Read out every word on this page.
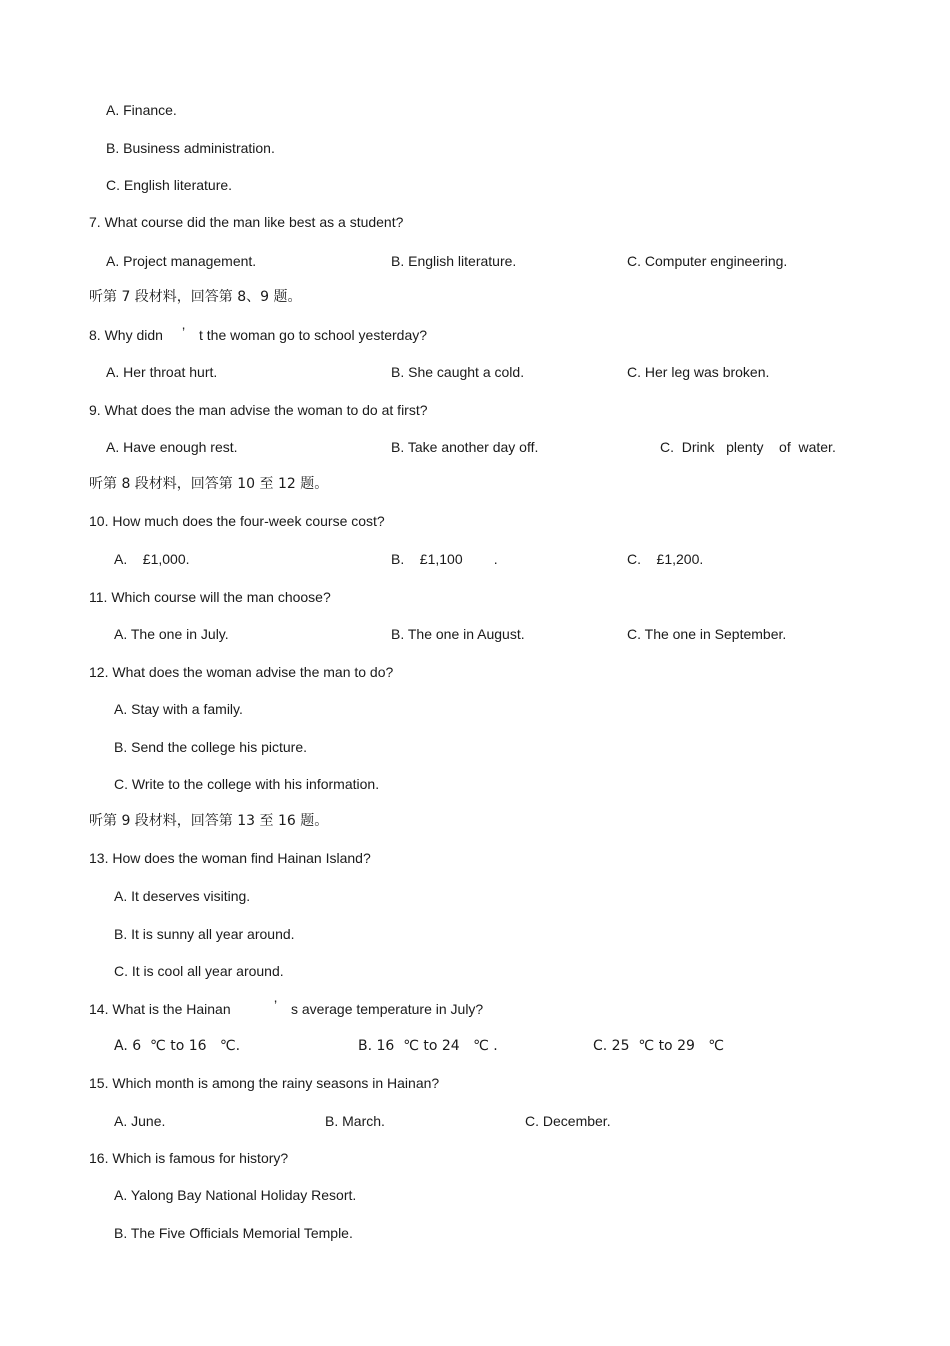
A. Finance.
B. Business administration.
C. English literature.
7. What course did the man like best as a student?
A. Project management.	B. English literature.	C. Computer engineering.
听第 7 段材料，回答第 8、9 题。
8. Why didn ’ t the woman go to school yesterday?
A. Her throat hurt.	B. She caught a cold.	C. Her leg was broken.
9. What does the man advise the woman to do at first?
A. Have enough rest.	B. Take another day off.	C.  Drink   plenty    of  water.
听第 8 段材料，回答第 10 至 12 题。
10. How much does the four-week course cost?
A.    £1,000.	B.    £1,100        .	C.    £1,200.
11. Which course will the man choose?
A. The one in July.	B. The one in August.	C. The one in September.
12. What does the woman advise the man to do?
A. Stay with a family.
B. Send the college his picture.
C. Write to the college with his information.
听第 9 段材料，回答第 13 至 16 题。
13. How does the woman find Hainan Island?
A. It deserves visiting.
B. It is sunny all year around.
C. It is cool all year around.
14. What is the Hainan	’ s average temperature in July?
A. 6  ℃ to 16   ℃.	B. 16  ℃ to 24   ℃ .	C. 25  ℃ to 29   ℃
15. Which month is among the rainy seasons in Hainan?
A. June.	B. March.	C. December.
16. Which is famous for history?
A. Yalong Bay National Holiday Resort.
B. The Five Officials Memorial Temple.
